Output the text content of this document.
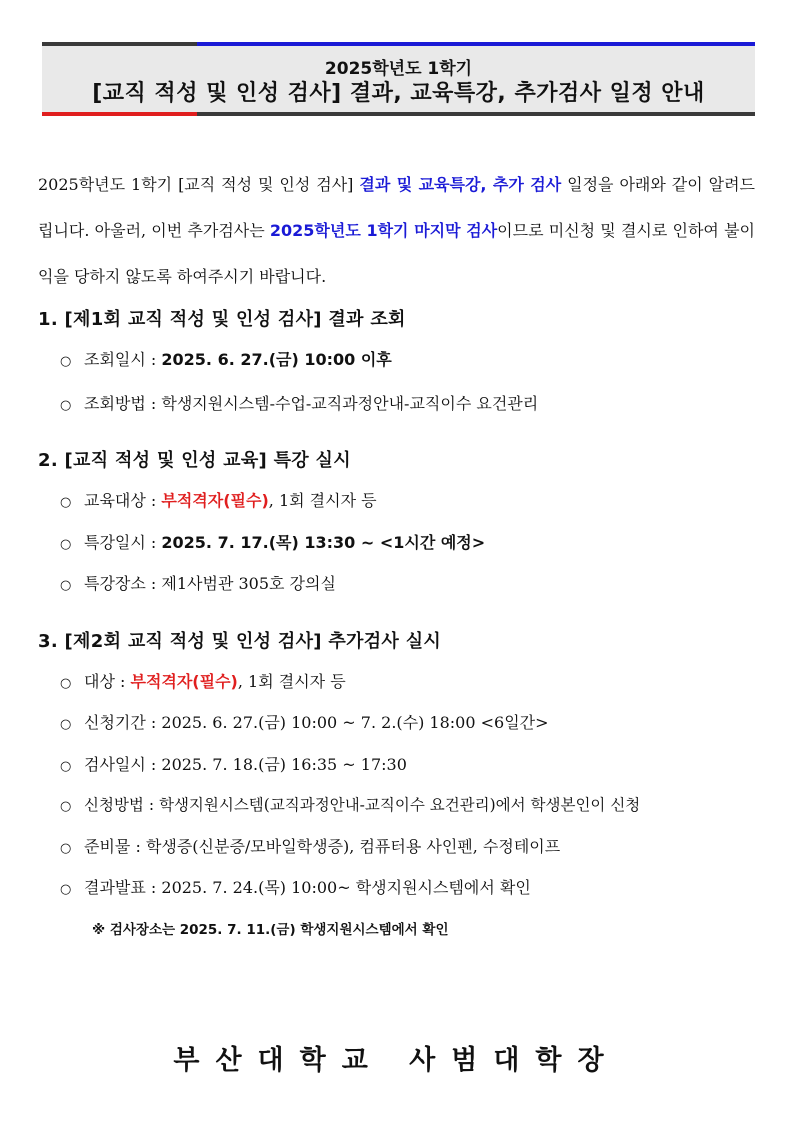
2025학년도 1학기
[교직 적성 및 인성 검사] 결과, 교육특강, 추가검사 일정 안내
2025학년도 1학기 [교직 적성 및 인성 검사] 결과 및 교육특강, 추가 검사 일정을 아래와 같이 알려드립니다. 아울러, 이번 추가검사는 2025학년도 1학기 마지막 검사이므로 미신청 및 결시로 인하여 불이익을 당하지 않도록 하여주시기 바랍니다.
1. [제1회 교직 적성 및 인성 검사] 결과 조회
○ 조회일시 : 2025. 6. 27.(금) 10:00 이후
○ 조회방법 : 학생지원시스템-수업-교직과정안내-교직이수 요건관리
2. [교직 적성 및 인성 교육] 특강 실시
○ 교육대상 : 부적격자(필수), 1회 결시자 등
○ 특강일시 : 2025. 7. 17.(목) 13:30 ~ <1시간 예정>
○ 특강장소 : 제1사범관 305호 강의실
3. [제2회 교직 적성 및 인성 검사] 추가검사 실시
○ 대상 : 부적격자(필수), 1회 결시자 등
○ 신청기간 : 2025. 6. 27.(금) 10:00 ~ 7. 2.(수) 18:00 <6일간>
○ 검사일시 : 2025. 7. 18.(금) 16:35 ~ 17:30
○ 신청방법 : 학생지원시스템(교직과정안내-교직이수 요건관리)에서 학생본인이 신청
○ 준비물 : 학생증(신분증/모바일학생증), 컴퓨터용 사인펜, 수정테이프
○ 결과발표 : 2025. 7. 24.(목) 10:00~ 학생지원시스템에서 확인
※ 검사장소는 2025. 7. 11.(금) 학생지원시스템에서 확인
부산대학교 사범대학장
